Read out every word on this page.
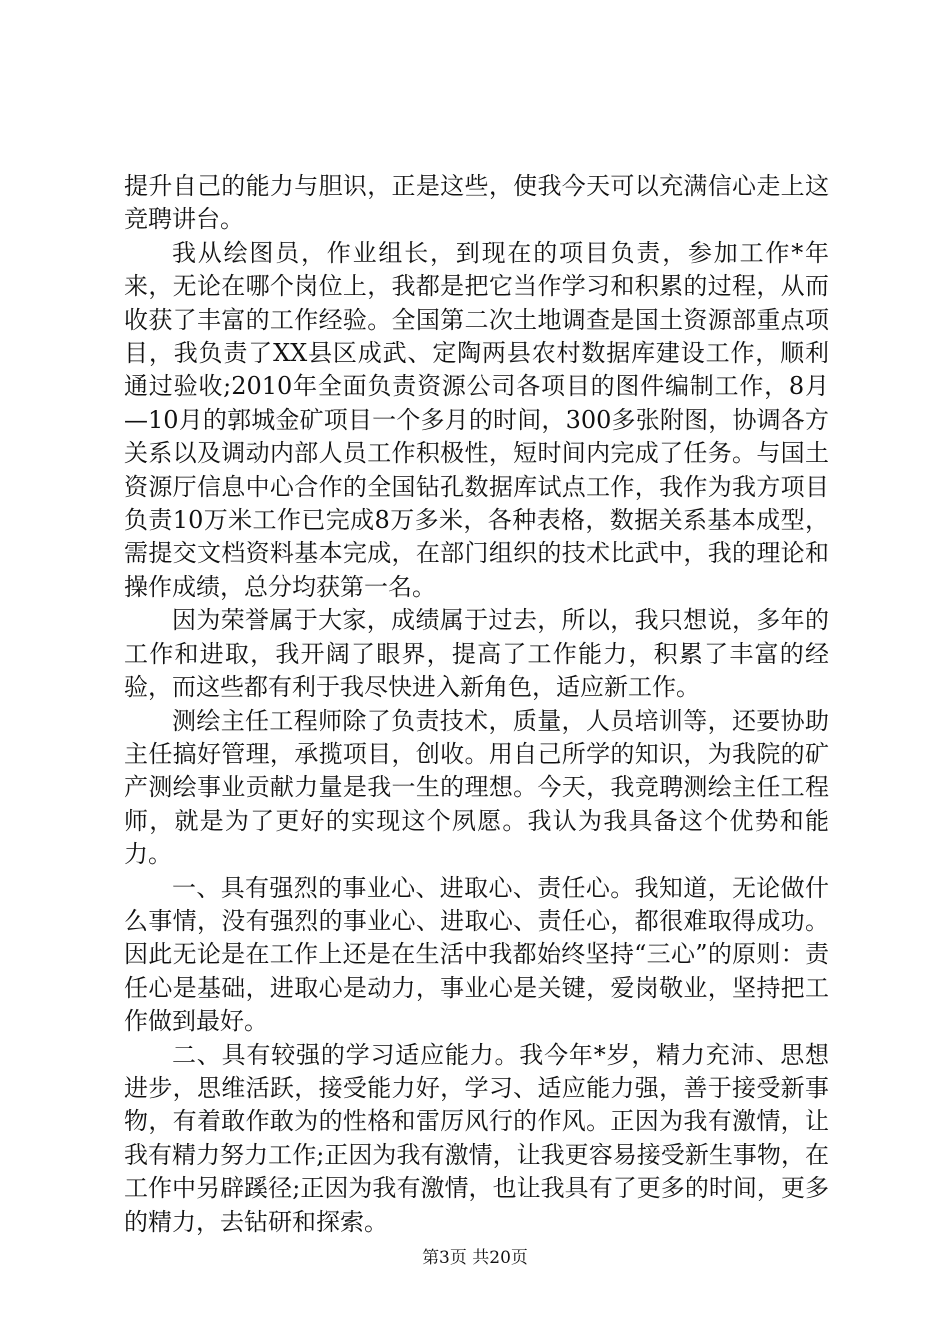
提升自己的能力与胆识，正是这些，使我今天可以充满信心走上这竞聘讲台。

我从绘图员，作业组长，到现在的项目负责，参加工作*年来，无论在哪个岗位上，我都是把它当作学习和积累的过程，从而收获了丰富的工作经验。全国第二次土地调查是国土资源部重点项目，我负责了XX县区成武、定陶两县农村数据库建设工作，顺利通过验收;2010年全面负责资源公司各项目的图件编制工作，8月—10月的郭城金矿项目一个多月的时间，300多张附图，协调各方关系以及调动内部人员工作积极性，短时间内完成了任务。与国土资源厅信息中心合作的全国钻孔数据库试点工作，我作为我方项目负责10万米工作已完成8万多米，各种表格，数据关系基本成型，需提交文档资料基本完成，在部门组织的技术比武中，我的理论和操作成绩，总分均获第一名。

因为荣誉属于大家，成绩属于过去，所以，我只想说，多年的工作和进取，我开阔了眼界，提高了工作能力，积累了丰富的经验，而这些都有利于我尽快进入新角色，适应新工作。

测绘主任工程师除了负责技术，质量，人员培训等，还要协助主任搞好管理，承揽项目，创收。用自己所学的知识，为我院的矿产测绘事业贡献力量是我一生的理想。今天，我竞聘测绘主任工程师，就是为了更好的实现这个夙愿。我认为我具备这个优势和能力。

一、具有强烈的事业心、进取心、责任心。我知道，无论做什么事情，没有强烈的事业心、进取心、责任心，都很难取得成功。因此无论是在工作上还是在生活中我都始终坚持“三心”的原则：责任心是基础，进取心是动力，事业心是关键，爱岗敬业，坚持把工作做到最好。

二、具有较强的学习适应能力。我今年*岁，精力充沛、思想进步，思维活跃，接受能力好，学习、适应能力强，善于接受新事物，有着敢作敢为的性格和雷厉风行的作风。正因为我有激情，让我有精力努力工作;正因为我有激情，让我更容易接受新生事物，在工作中另辟蹊径;正因为我有激情，也让我具有了更多的时间，更多的精力，去钻研和探索。

第3页 共20页
